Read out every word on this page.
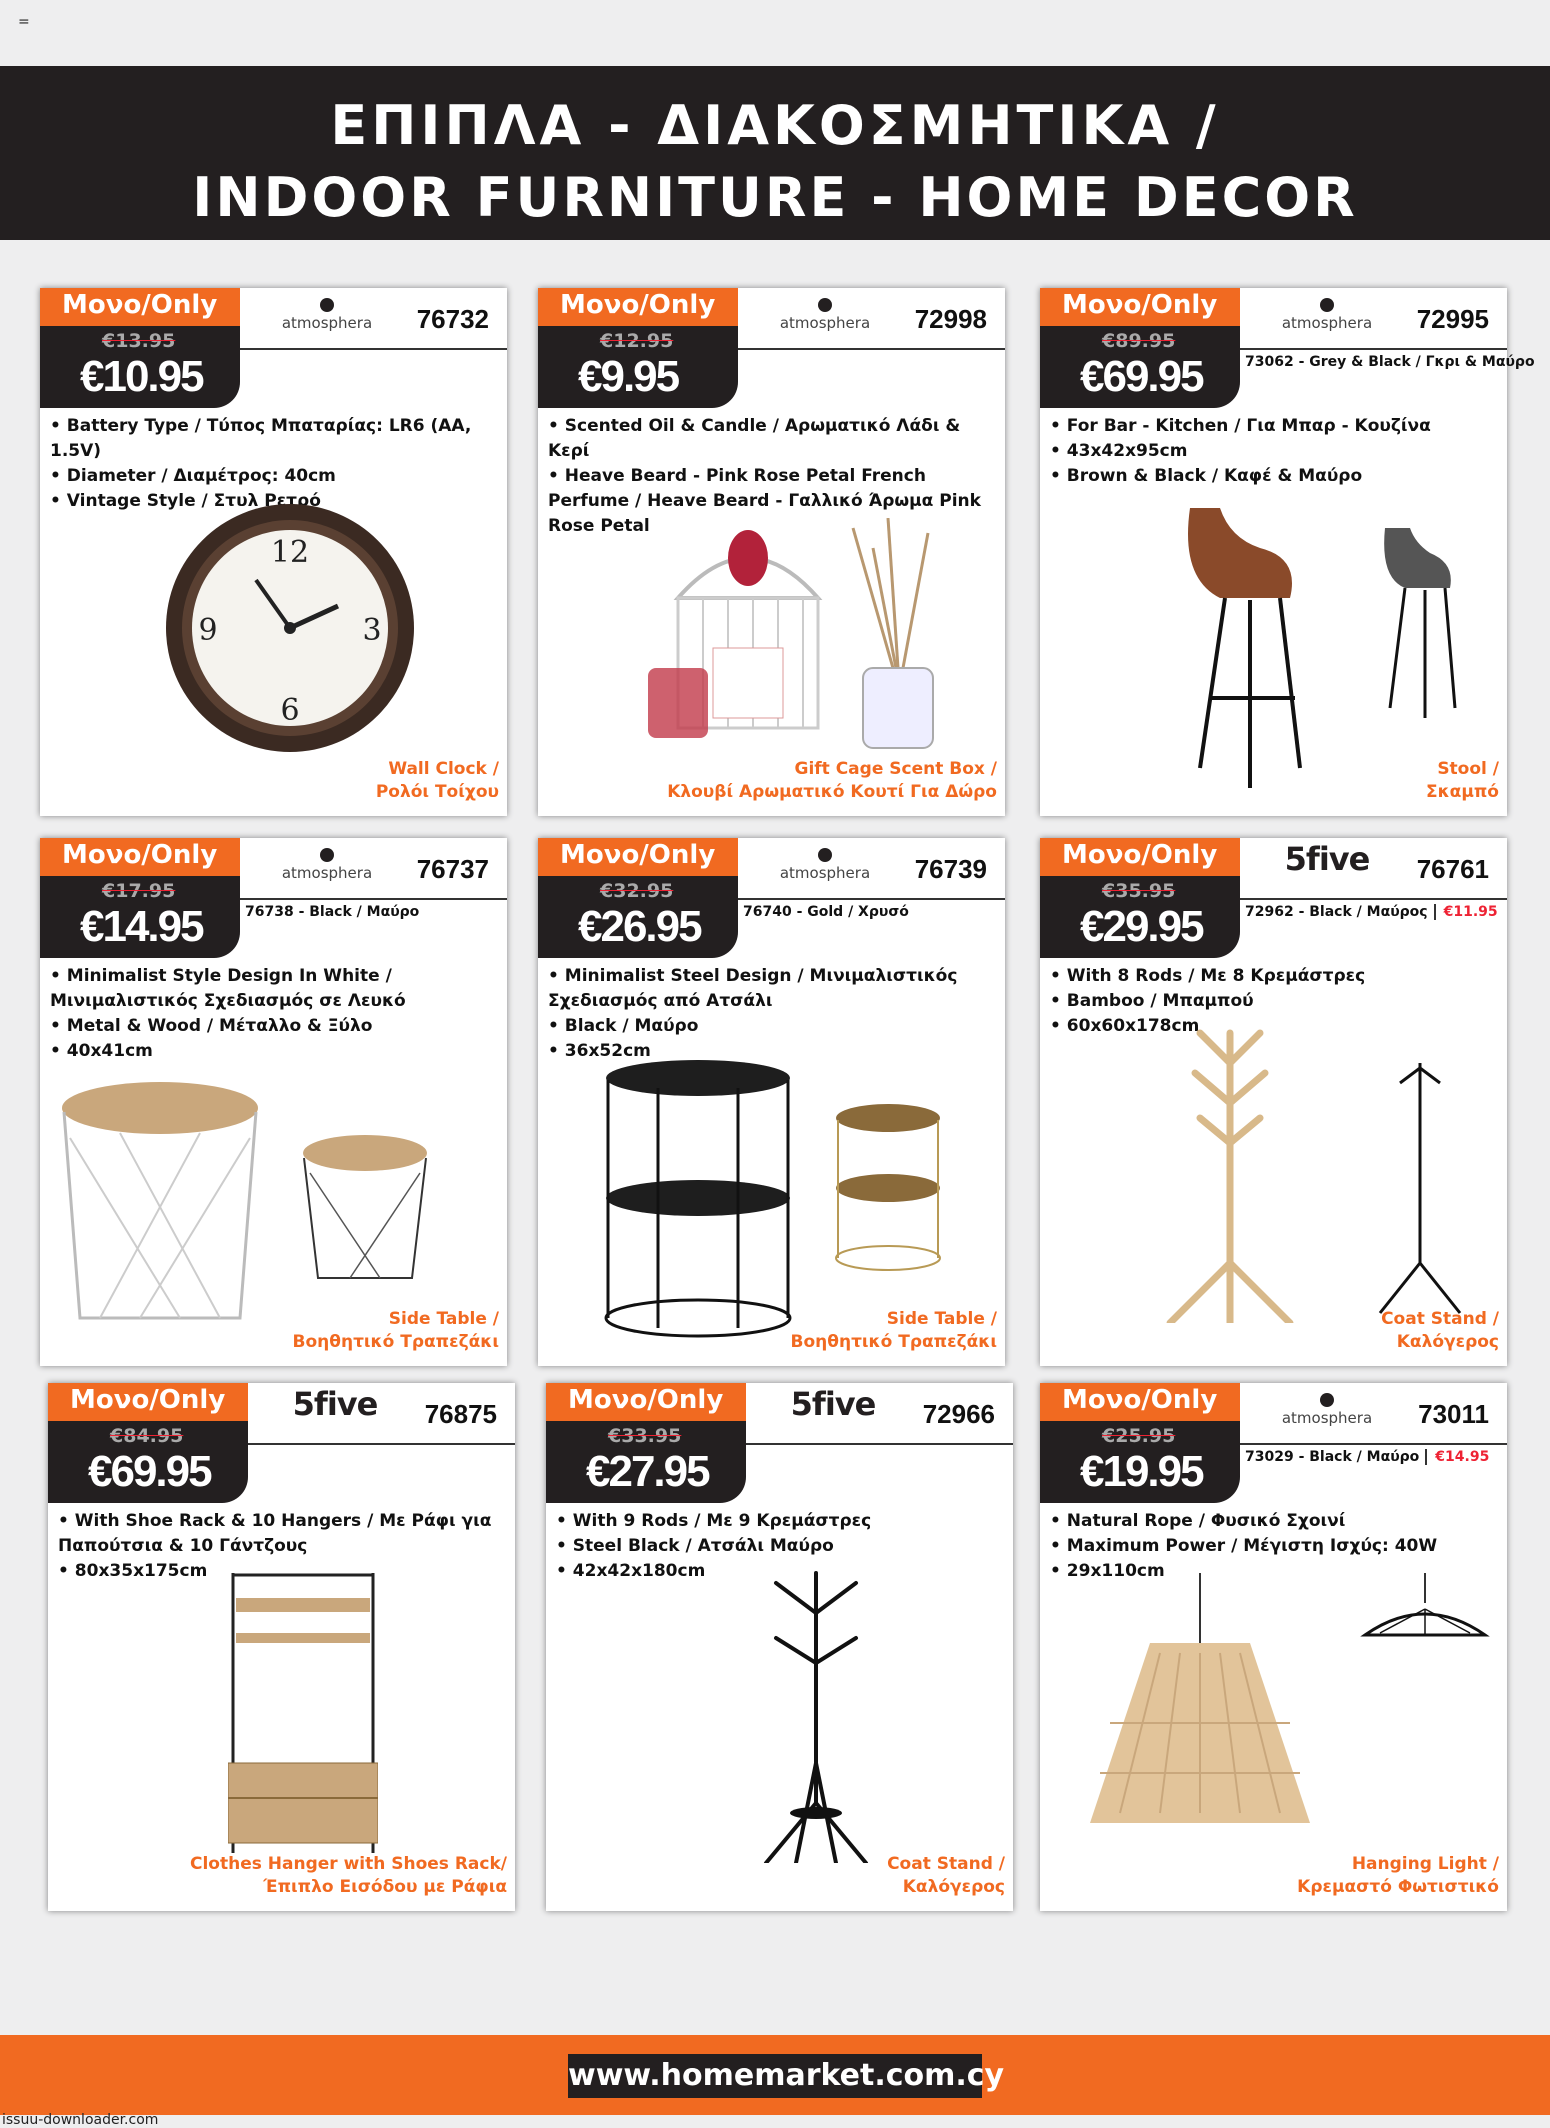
=
ΕΠΙΠΛΑ - ΔΙΑΚΟΣΜΗΤΙΚΑ /
INDOOR FURNITURE - HOME DECOR
Μονο/Only
€13.95
€10.95
atmosphera	76732
• Battery Type / Τύπος Μπαταρίας: LR6 (AA, 1.5V)
• Diameter / Διαμέτρος: 40cm
• Vintage Style / Στυλ Ρετρό
12
6
3
9
Wall Clock /
Ρολόι Τοίχου
Μονο/Only
€12.95
€9.95
atmosphera	72998
• Scented Oil & Candle / Αρωματικό Λάδι &
Κερί
• Heave Beard - Pink Rose Petal French
Perfume / Heave Beard - Γαλλικό Άρωμα Pink
Rose Petal
Gift Cage Scent Box /
Κλουβί Αρωματικό Κουτί Για Δώρο
Μονο/Only
€89.95
€69.95
atmosphera	72995
73062 - Grey & Black / Γκρι & Μαύρο
• For Bar - Kitchen / Για Μπαρ - Κουζίνα
• 43x42x95cm
• Brown & Black / Καφέ & Μαύρο
Stool /
Σκαμπό
Μονο/Only
€17.95
€14.95
atmosphera	76737
76738 - Black / Μαύρο
• Minimalist Style Design In White /
Μινιμαλιστικός Σχεδιασμός σε Λευκό
• Metal & Wood / Μέταλλο & Ξύλο
• 40x41cm
Side Table /
Βοηθητικό Τραπεζάκι
Μονο/Only
€32.95
€26.95
atmosphera	76739
76740 - Gold / Χρυσό
• Minimalist Steel Design / Μινιμαλιστικός
Σχεδιασμός από Ατσάλι
• Black / Μαύρο
• 36x52cm
Side Table /
Βοηθητικό Τραπεζάκι
Μονο/Only
€35.95
€29.95
5five	76761
72962 - Black / Μαύρος €11.95
• With 8 Rods / Με 8 Κρεμάστρες
• Bamboo / Μπαμπού
• 60x60x178cm
Coat Stand /
Καλόγερος
Μονο/Only
€84.95
€69.95
5five	76875
• With Shoe Rack & 10 Hangers / Με Ράφι για
Παπούτσια & 10 Γάντζους
• 80x35x175cm
Clothes Hanger with Shoes Rack/
Έπιπλο Εισόδου με Ράφια
Μονο/Only
€33.95
€27.95
5five	72966
• With 9 Rods / Με 9 Κρεμάστρες
• Steel Black / Ατσάλι Μαύρο
• 42x42x180cm
Coat Stand /
Καλόγερος
Μονο/Only
€25.95
€19.95
atmosphera	73011
73029 - Black / Μαύρο €14.95
• Natural Rope / Φυσικό Σχοινί
• Maximum Power / Μέγιστη Ισχύς: 40W
• 29x110cm
Hanging Light /
Κρεμαστό Φωτιστικό
www.homemarket.com.cy
issuu-downloader.com
